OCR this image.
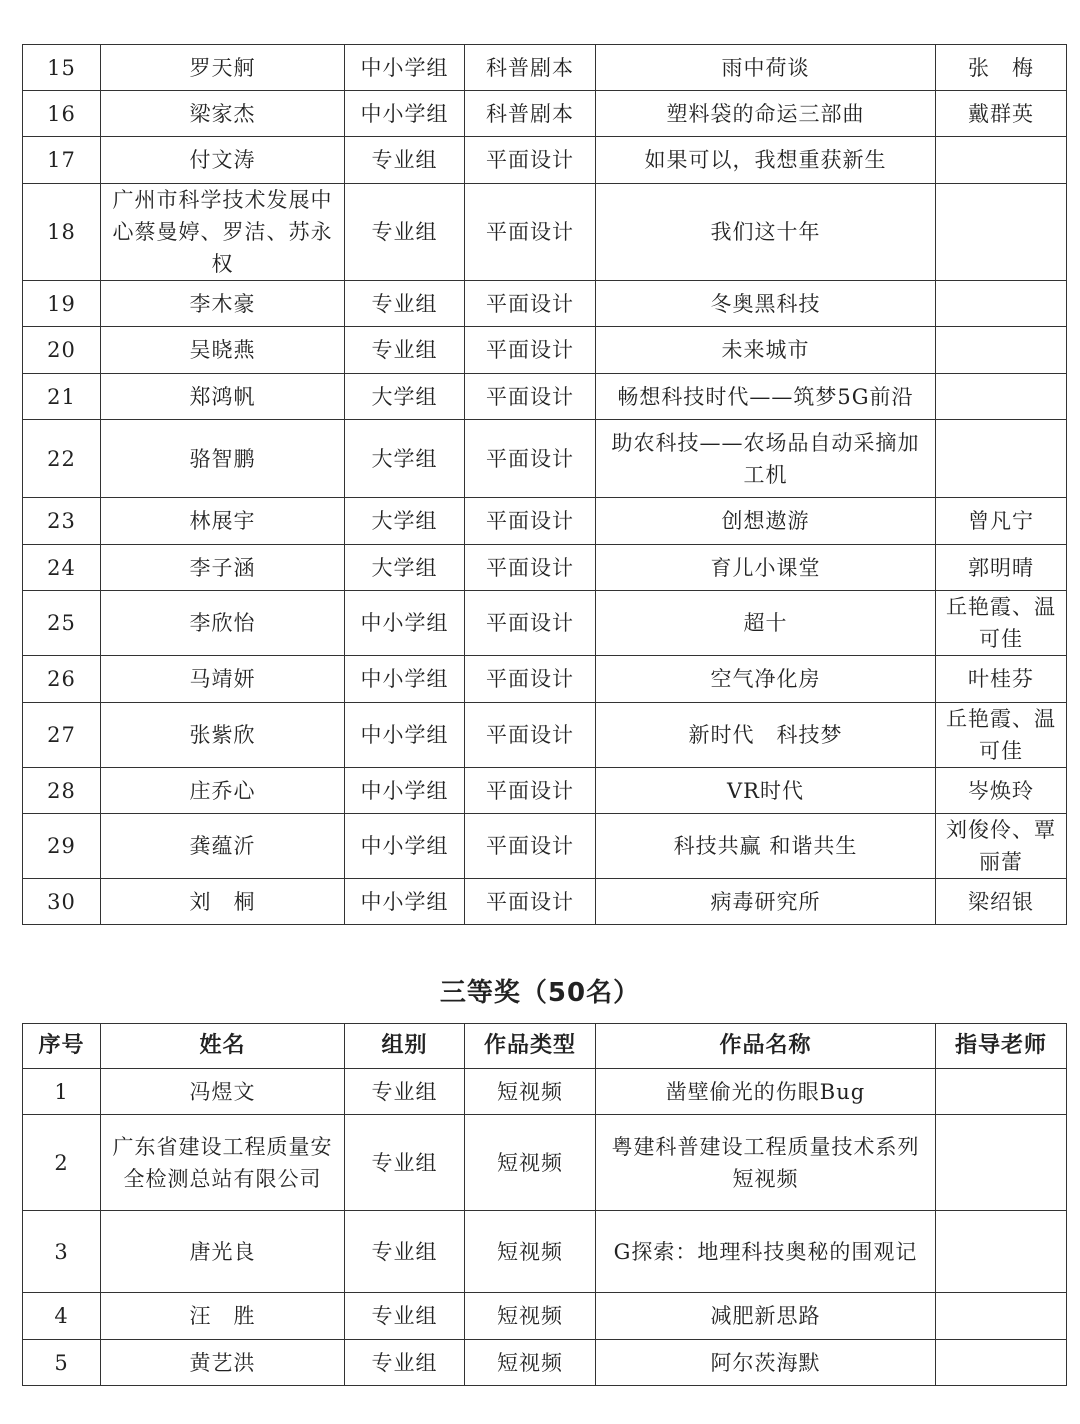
15	罗天舸	中小学组	科普剧本	雨中荷谈	张　梅
16	梁家杰	中小学组	科普剧本	塑料袋的命运三部曲	戴群英
17	付文涛	专业组	平面设计	如果可以，我想重获新生	
18	广州市科学技术发展中心蔡曼婷、罗洁、苏永权	专业组	平面设计	我们这十年	
19	李木豪	专业组	平面设计	冬奥黑科技	
20	吴晓燕	专业组	平面设计	未来城市	
21	郑鸿帆	大学组	平面设计	畅想科技时代——筑梦5G前沿	
22	骆智鹏	大学组	平面设计	助农科技——农场品自动采摘加工机	
23	林展宇	大学组	平面设计	创想遨游	曾凡宁
24	李子涵	大学组	平面设计	育儿小课堂	郭明晴
25	李欣怡	中小学组	平面设计	超十	丘艳霞、温可佳
26	马靖妍	中小学组	平面设计	空气净化房	叶桂芬
27	张紫欣	中小学组	平面设计	新时代　科技梦	丘艳霞、温可佳
28	庄乔心	中小学组	平面设计	VR时代	岑焕玲
29	龚蕴沂	中小学组	平面设计	科技共赢 和谐共生	刘俊伶、覃丽蕾
30	刘　桐	中小学组	平面设计	病毒研究所	梁绍银
三等奖（50名）
序号	姓名	组别	作品类型	作品名称	指导老师
1	冯煜文	专业组	短视频	凿壁偷光的伤眼Bug	
2	广东省建设工程质量安全检测总站有限公司	专业组	短视频	粤建科普建设工程质量技术系列短视频	
3	唐光良	专业组	短视频	G探索：地理科技奥秘的围观记	
4	汪　胜	专业组	短视频	减肥新思路	
5	黄艺洪	专业组	短视频	阿尔茨海默	
